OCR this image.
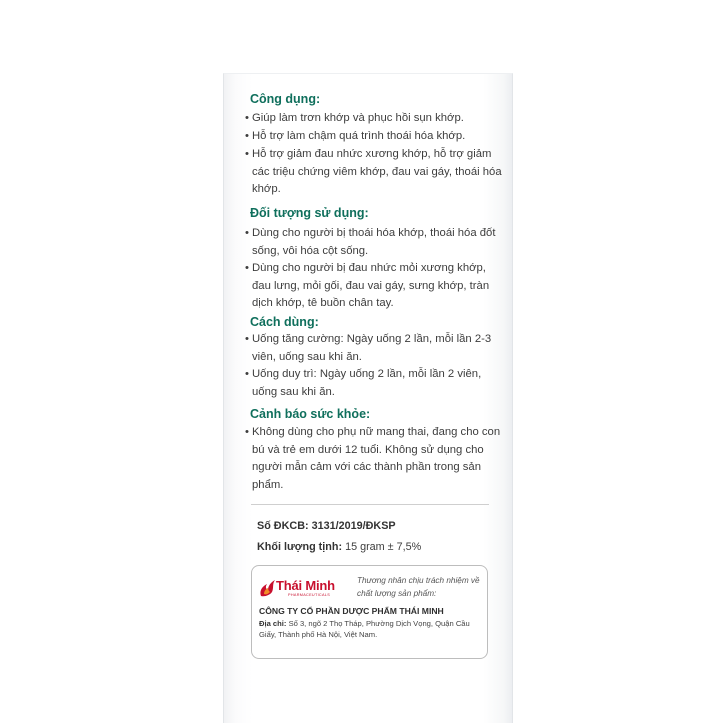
Công dụng:
• Giúp làm trơn khớp và phục hồi sụn khớp.
• Hỗ trợ làm chậm quá trình thoái hóa khớp.
• Hỗ trợ giảm đau nhức xương khớp, hỗ trợ giảm các triệu chứng viêm khớp, đau vai gáy, thoái hóa khớp.
Đối tượng sử dụng:
• Dùng cho người bị thoái hóa khớp, thoái hóa đốt sống, vôi hóa cột sống.
• Dùng cho người bị đau nhức mỏi xương khớp, đau lưng, mỏi gối, đau vai gáy, sưng khớp, tràn dịch khớp, tê buồn chân tay.
Cách dùng:
• Uống tăng cường: Ngày uống 2 lần, mỗi lần 2-3 viên, uống sau khi ăn.
• Uống duy trì: Ngày uống 2 lần, mỗi lần 2 viên, uống sau khi ăn.
Cảnh báo sức khỏe:
• Không dùng cho phụ nữ mang thai, đang cho con bú và trẻ em dưới 12 tuổi. Không sử dụng cho người mẫn cảm với các thành phần trong sản phẩm.
Số ĐKCB: 3131/2019/ĐKSP
Khối lượng tịnh: 15 gram ± 7,5%
Thái Minh
PHARMACEUTICALS
Thương nhân chịu trách nhiệm về chất lượng sản phẩm:
CÔNG TY CỔ PHẦN DƯỢC PHẨM THÁI MINH
Địa chỉ: Số 3, ngõ 2 Thọ Tháp, Phường Dịch Vọng, Quận Cầu Giấy, Thành phố Hà Nội, Việt Nam.
